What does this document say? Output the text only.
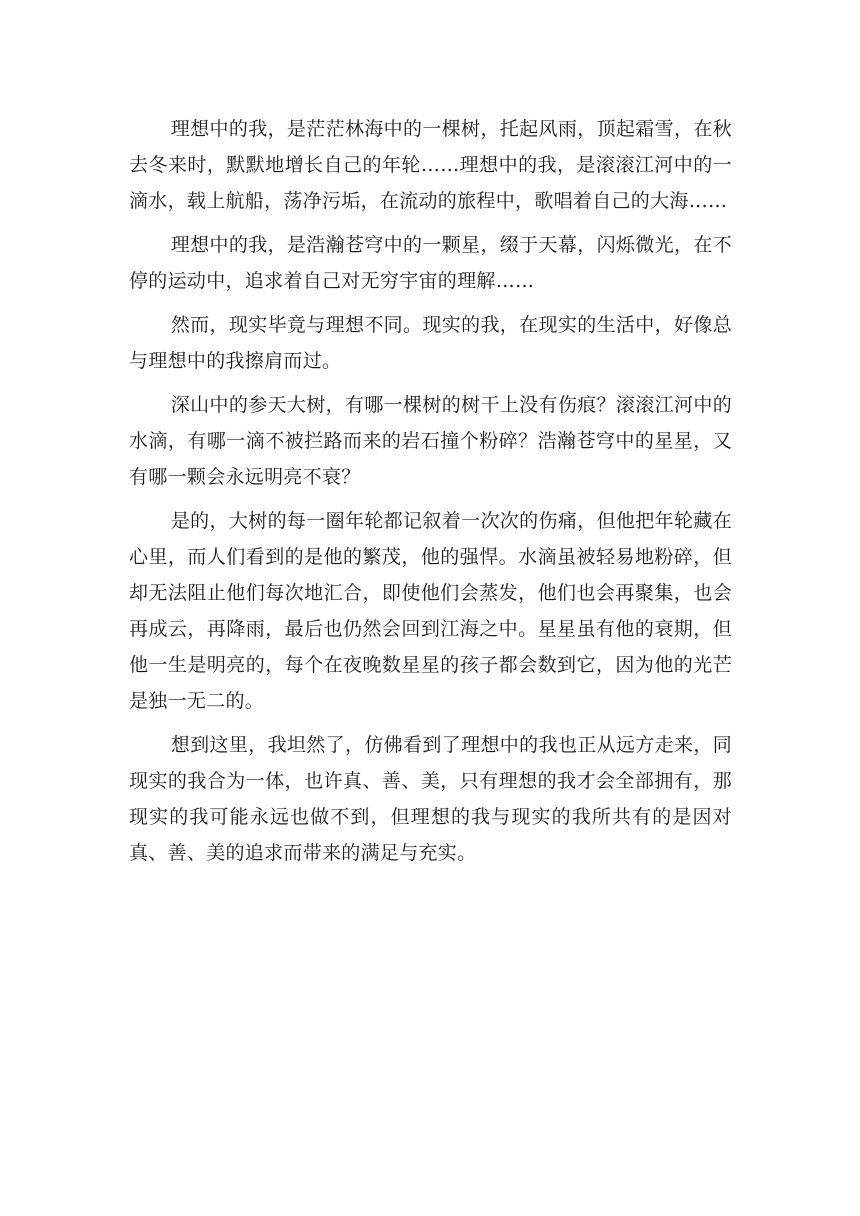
理想中的我，是茫茫林海中的一棵树，托起风雨，顶起霜雪，在秋去冬来时，默默地增长自己的年轮……理想中的我，是滚滚江河中的一滴水，载上航船，荡净污垢，在流动的旅程中，歌唱着自己的大海……

理想中的我，是浩瀚苍穹中的一颗星，缀于天幕，闪烁微光，在不停的运动中，追求着自己对无穷宇宙的理解……

然而，现实毕竟与理想不同。现实的我，在现实的生活中，好像总与理想中的我擦肩而过。

深山中的参天大树，有哪一棵树的树干上没有伤痕？滚滚江河中的水滴，有哪一滴不被拦路而来的岩石撞个粉碎？浩瀚苍穹中的星星，又有哪一颗会永远明亮不衰？

是的，大树的每一圈年轮都记叙着一次次的伤痛，但他把年轮藏在心里，而人们看到的是他的繁茂，他的强悍。水滴虽被轻易地粉碎，但却无法阻止他们每次地汇合，即使他们会蒸发，他们也会再聚集，也会再成云，再降雨，最后也仍然会回到江海之中。星星虽有他的衰期，但他一生是明亮的，每个在夜晚数星星的孩子都会数到它，因为他的光芒是独一无二的。

想到这里，我坦然了，仿佛看到了理想中的我也正从远方走来，同现实的我合为一体，也许真、善、美，只有理想的我才会全部拥有，那现实的我可能永远也做不到，但理想的我与现实的我所共有的是因对真、善、美的追求而带来的满足与充实。
